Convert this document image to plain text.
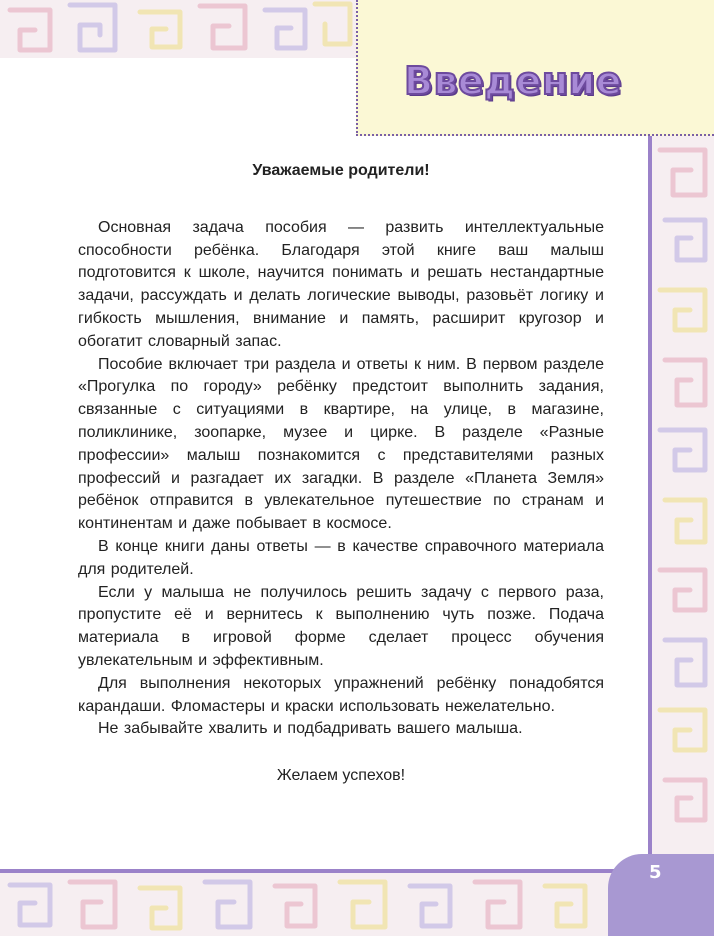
Введение

Уважаемые родители!

Основная задача пособия — развить интеллектуальные способности ребёнка. Благодаря этой книге ваш малыш подготовится к школе, научится понимать и решать нестандартные задачи, рассуждать и делать логические выводы, разовьёт логику и гибкость мышления, внимание и память, расширит кругозор и обогатит словарный запас.

Пособие включает три раздела и ответы к ним. В первом разделе «Прогулка по городу» ребёнку предстоит выполнить задания, связанные с ситуациями в квартире, на улице, в магазине, поликлинике, зоопарке, музее и цирке. В разделе «Разные профессии» малыш познакомится с представителями разных профессий и разгадает их загадки. В разделе «Планета Земля» ребёнок отправится в увлекательное путешествие по странам и континентам и даже побывает в космосе.

В конце книги даны ответы — в качестве справочного материала для родителей.

Если у малыша не получилось решить задачу с первого раза, пропустите её и вернитесь к выполнению чуть позже. Подача материала в игровой форме сделает процесс обучения увлекательным и эффективным.

Для выполнения некоторых упражнений ребёнку понадобятся карандаши. Фломастеры и краски использовать нежелательно.

Не забывайте хвалить и подбадривать вашего малыша.

Желаем успехов!

5
